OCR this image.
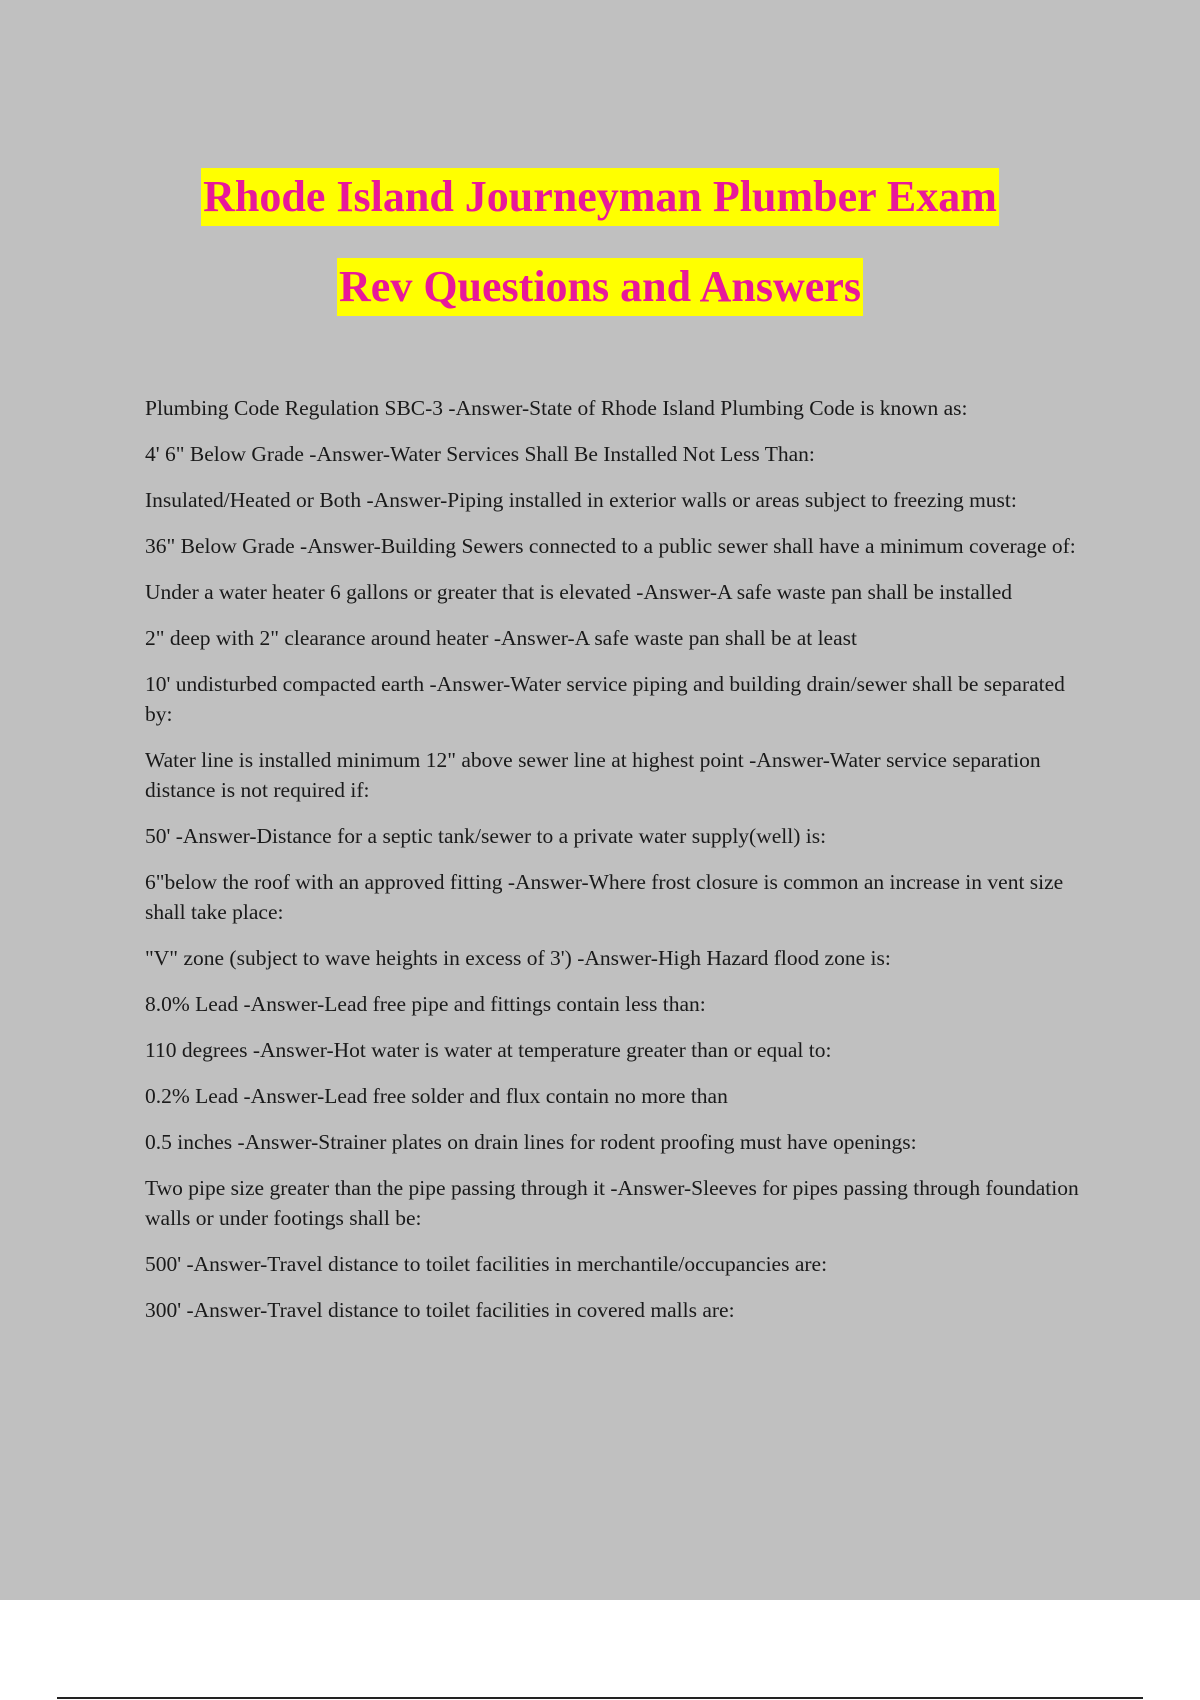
Rhode Island Journeyman Plumber Exam
Rev Questions and Answers

Plumbing Code Regulation SBC-3 -Answer-State of Rhode Island Plumbing Code is known as:

4' 6" Below Grade -Answer-Water Services Shall Be Installed Not Less Than:

Insulated/Heated or Both -Answer-Piping installed in exterior walls or areas subject to freezing must:

36" Below Grade -Answer-Building Sewers connected to a public sewer shall have a minimum coverage of:

Under a water heater 6 gallons or greater that is elevated -Answer-A safe waste pan shall be installed

2" deep with 2" clearance around heater -Answer-A safe waste pan shall be at least

10' undisturbed compacted earth -Answer-Water service piping and building drain/sewer shall be separated by:

Water line is installed minimum 12" above sewer line at highest point -Answer-Water service separation distance is not required if:

50' -Answer-Distance for a septic tank/sewer to a private water supply(well) is:

6"below the roof with an approved fitting -Answer-Where frost closure is common an increase in vent size shall take place:

"V" zone (subject to wave heights in excess of 3') -Answer-High Hazard flood zone is:

8.0% Lead -Answer-Lead free pipe and fittings contain less than:

110 degrees -Answer-Hot water is water at temperature greater than or equal to:

0.2% Lead -Answer-Lead free solder and flux contain no more than

0.5 inches -Answer-Strainer plates on drain lines for rodent proofing must have openings:

Two pipe size greater than the pipe passing through it -Answer-Sleeves for pipes passing through foundation walls or under footings shall be:

500' -Answer-Travel distance to toilet facilities in merchantile/occupancies are:

300' -Answer-Travel distance to toilet facilities in covered malls are:
